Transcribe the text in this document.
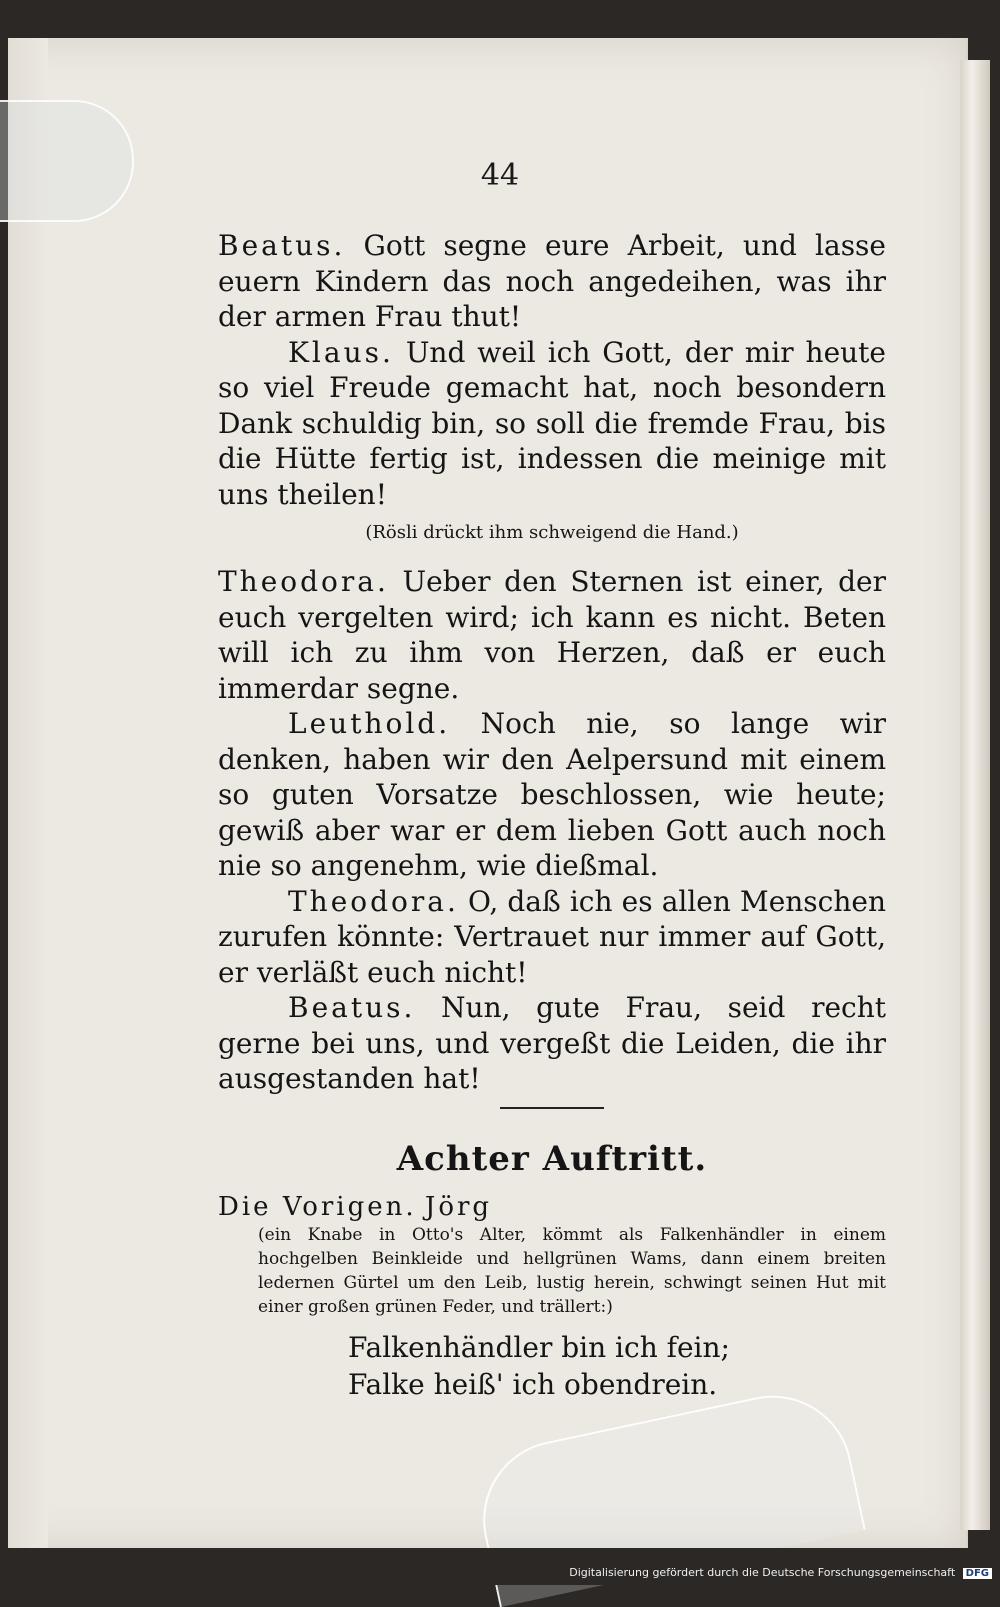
44

Beatus. Gott segne eure Arbeit, und lasse euern Kindern das noch angedeihen, was ihr der armen Frau thut!

Klaus. Und weil ich Gott, der mir heute so viel Freude gemacht hat, noch besondern Dank schuldig bin, so soll die fremde Frau, bis die Hütte fertig ist, indessen die meinige mit uns theilen!

(Rösli drückt ihm schweigend die Hand.)

Theodora. Ueber den Sternen ist einer, der euch vergelten wird; ich kann es nicht. Beten will ich zu ihm von Herzen, daß er euch immerdar segne.

Leuthold. Noch nie, so lange wir denken, haben wir den Aelpersund mit einem so guten Vorsatze beschlossen, wie heute; gewiß aber war er dem lieben Gott auch noch nie so angenehm, wie dießmal.

Theodora. O, daß ich es allen Menschen zurufen könnte: Vertrauet nur immer auf Gott, er verläßt euch nicht!

Beatus. Nun, gute Frau, seid recht gerne bei uns, und vergeßt die Leiden, die ihr ausgestanden hat!

Achter Auftritt.

Die Vorigen. Jörg

(ein Knabe in Otto's Alter, kömmt als Falkenhändler in einem hochgelben Beinkleide und hellgrünen Wams, dann einem breiten ledernen Gürtel um den Leib, lustig herein, schwingt seinen Hut mit einer großen grünen Feder, und trällert:)

Falkenhändler bin ich fein;

Falke heiß' ich obendrein.

Digitalisierung gefördert durch die Deutsche Forschungsgemeinschaft DFG
